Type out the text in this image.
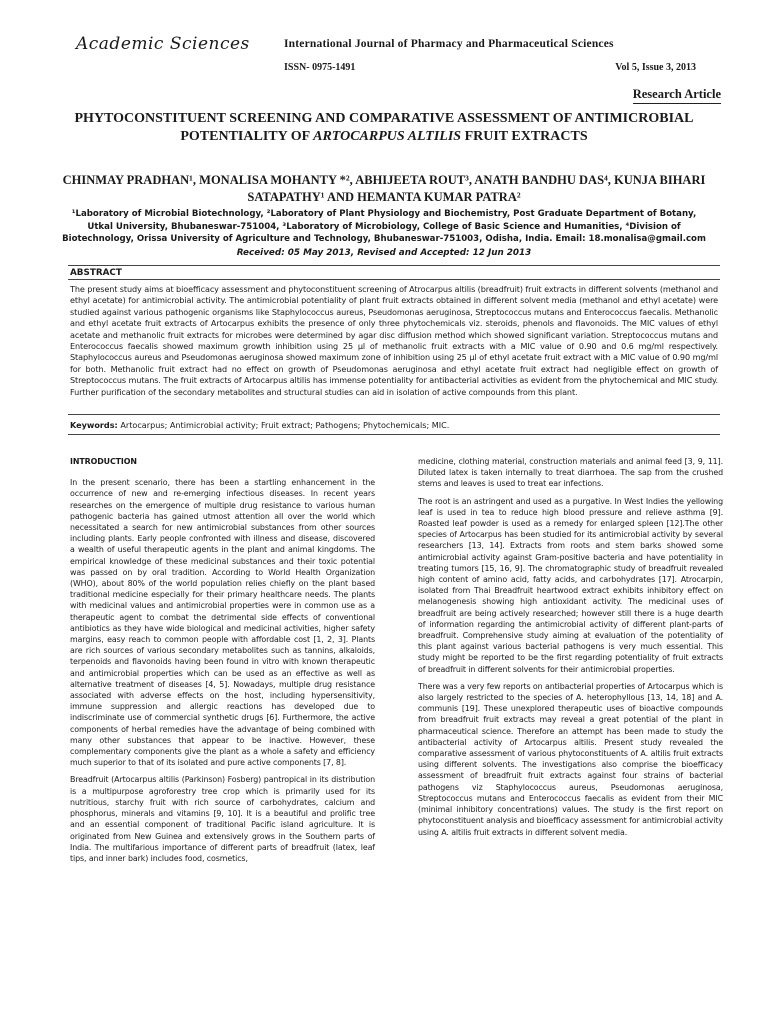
Academic Sciences	International Journal of Pharmacy and Pharmaceutical Sciences
ISSN- 0975-1491	Vol 5, Issue 3, 2013
Research Article
PHYTOCONSTITUENT SCREENING AND COMPARATIVE ASSESSMENT OF ANTIMICROBIAL
POTENTIALITY OF ARTOCARPUS ALTILIS FRUIT EXTRACTS
CHINMAY PRADHAN¹, MONALISA MOHANTY *², ABHIJEETA ROUT³, ANATH BANDHU DAS⁴, KUNJA BIHARI
SATAPATHY¹ AND HEMANTA KUMAR PATRA²
¹Laboratory of Microbial Biotechnology, ²Laboratory of Plant Physiology and Biochemistry, Post Graduate Department of Botany, Utkal University, Bhubaneswar-751004, ³Laboratory of Microbiology, College of Basic Science and Humanities, ⁴Division of Biotechnology, Orissa University of Agriculture and Technology, Bhubaneswar-751003, Odisha, India. Email: 18.monalisa@gmail.com
Received: 05 May 2013, Revised and Accepted: 12 Jun 2013
ABSTRACT
The present study aims at bioefficacy assessment and phytoconstituent screening of Atrocarpus altilis (breadfruit) fruit extracts in different solvents (methanol and ethyl acetate) for antimicrobial activity. The antimicrobial potentiality of plant fruit extracts obtained in different solvent media (methanol and ethyl acetate) were studied against various pathogenic organisms like Staphylococcus aureus, Pseudomonas aeruginosa, Streptococcus mutans and Enterococcus faecalis. Methanolic and ethyl acetate fruit extracts of Artocarpus exhibits the presence of only three phytochemicals viz. steroids, phenols and flavonoids. The MIC values of ethyl acetate and methanolic fruit extracts for microbes were determined by agar disc diffusion method which showed significant variation. Streptococcus mutans and Enterococcus faecalis showed maximum growth inhibition using 25 µl of methanolic fruit extracts with a MIC value of 0.90 and 0.6 mg/ml respectively. Staphylococcus aureus and Pseudomonas aeruginosa showed maximum zone of inhibition using 25 µl of ethyl acetate fruit extract with a MIC value of 0.90 mg/ml for both. Methanolic fruit extract had no effect on growth of Pseudomonas aeruginosa and ethyl acetate fruit extract had negligible effect on growth of Streptococcus mutans. The fruit extracts of Artocarpus altilis has immense potentiality for antibacterial activities as evident from the phytochemical and MIC study. Further purification of the secondary metabolites and structural studies can aid in isolation of active compounds from this plant.
Keywords: Artocarpus; Antimicrobial activity; Fruit extract; Pathogens; Phytochemicals; MIC.
INTRODUCTION

In the present scenario, there has been a startling enhancement in the occurrence of new and re-emerging infectious diseases. In recent years researches on the emergence of multiple drug resistance to various human pathogenic bacteria has gained utmost attention all over the world which necessitated a search for new antimicrobial substances from other sources including plants. Early people confronted with illness and disease, discovered a wealth of useful therapeutic agents in the plant and animal kingdoms. The empirical knowledge of these medicinal substances and their toxic potential was passed on by oral tradition. According to World Health Organization (WHO), about 80% of the world population relies chiefly on the plant based traditional medicine especially for their primary healthcare needs. The plants with medicinal values and antimicrobial properties were in common use as a therapeutic agent to combat the detrimental side effects of conventional antibiotics as they have wide biological and medicinal activities, higher safety margins, easy reach to common people with affordable cost [1, 2, 3]. Plants are rich sources of various secondary metabolites such as tannins, alkaloids, terpenoids and flavonoids having been found in vitro with known therapeutic and antimicrobial properties which can be used as an effective as well as alternative treatment of diseases [4, 5]. Nowadays, multiple drug resistance associated with adverse effects on the host, including hypersensitivity, immune suppression and allergic reactions has developed due to indiscriminate use of commercial synthetic drugs [6]. Furthermore, the active components of herbal remedies have the advantage of being combined with many other substances that appear to be inactive. However, these complementary components give the plant as a whole a safety and efficiency much superior to that of its isolated and pure active components [7, 8].

Breadfruit (Artocarpus altilis (Parkinson) Fosberg) pantropical in its distribution is a multipurpose agroforestry tree crop which is primarily used for its nutritious, starchy fruit with rich source of carbohydrates, calcium and phosphorus, minerals and vitamins [9, 10]. It is a beautiful and prolific tree and an essential component of traditional Pacific island agriculture. It is originated from New Guinea and extensively grows in the Southern parts of India. The multifarious importance of different parts of breadfruit (latex, leaf tips, and inner bark) includes food, cosmetics,

medicine, clothing material, construction materials and animal feed [3, 9, 11]. Diluted latex is taken internally to treat diarrhoea. The sap from the crushed stems and leaves is used to treat ear infections.

The root is an astringent and used as a purgative. In West Indies the yellowing leaf is used in tea to reduce high blood pressure and relieve asthma [9]. Roasted leaf powder is used as a remedy for enlarged spleen [12].The other species of Artocarpus has been studied for its antimicrobial activity by several researchers [13, 14]. Extracts from roots and stem barks showed some antimicrobial activity against Gram-positive bacteria and have potentiality in treating tumors [15, 16, 9]. The chromatographic study of breadfruit revealed high content of amino acid, fatty acids, and carbohydrates [17]. Atrocarpin, isolated from Thai Breadfruit heartwood extract exhibits inhibitory effect on melanogenesis showing high antioxidant activity. The medicinal uses of breadfruit are being actively researched; however still there is a huge dearth of information regarding the antimicrobial activity of different plant-parts of breadfruit. Comprehensive study aiming at evaluation of the potentiality of this plant against various bacterial pathogens is very much essential. This study might be reported to be the first regarding potentiality of fruit extracts of breadfruit in different solvents for their antimicrobial properties.

There was a very few reports on antibacterial properties of Artocarpus which is also largely restricted to the species of A. heterophyllous [13, 14, 18] and A. communis [19]. These unexplored therapeutic uses of bioactive compounds from breadfruit fruit extracts may reveal a great potential of the plant in pharmaceutical science. Therefore an attempt has been made to study the antibacterial activity of Artocarpus altilis. Present study revealed the comparative assessment of various phytoconstituents of A. altilis fruit extracts using different solvents. The investigations also comprise the bioefficacy assessment of breadfruit fruit extracts against four strains of bacterial pathogens viz Staphylococcus aureus, Pseudomonas aeruginosa, Streptococcus mutans and Enterococcus faecalis as evident from their MIC (minimal inhibitory concentrations) values. The study is the first report on phytoconstituent analysis and bioefficacy assessment for antimicrobial activity using A. altilis fruit extracts in different solvent media.
